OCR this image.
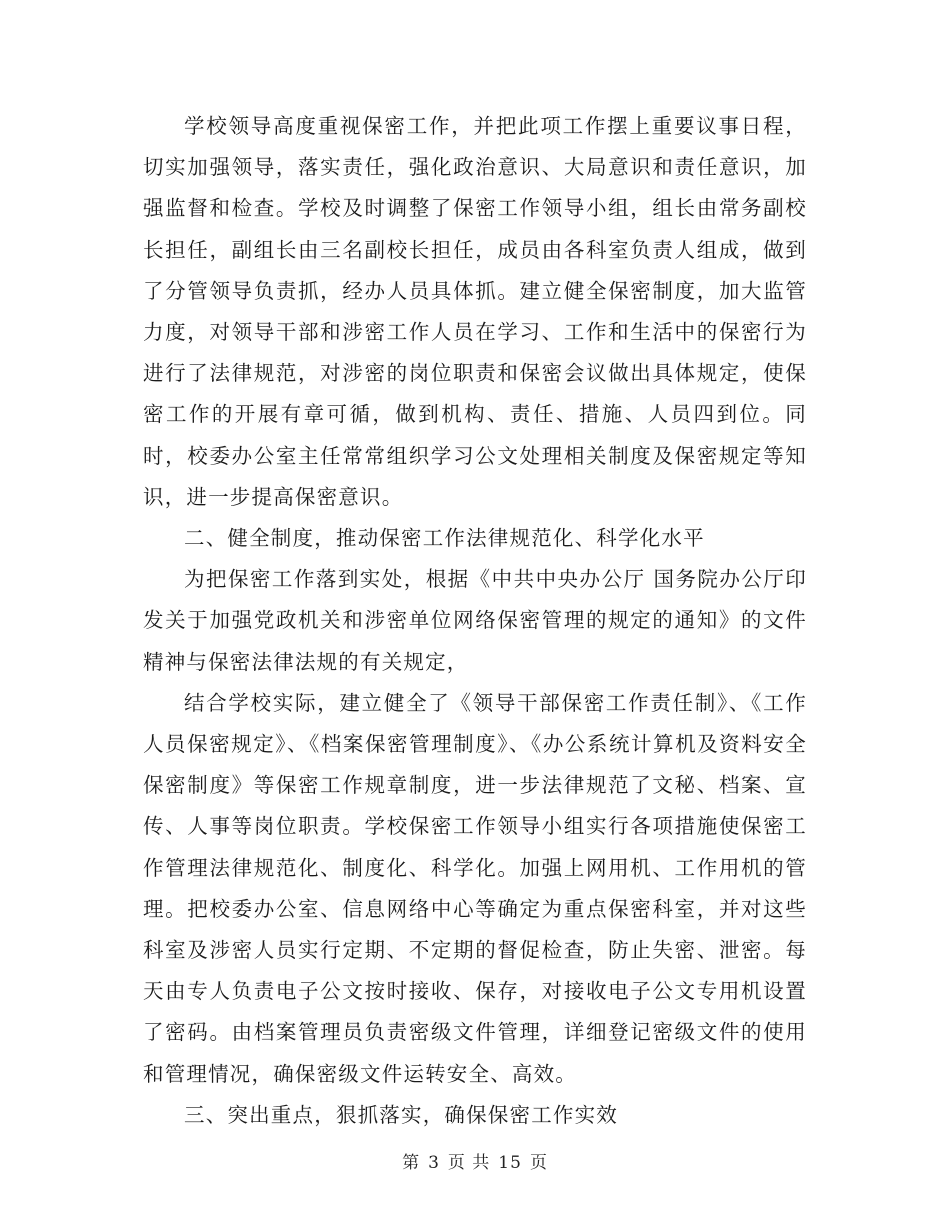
学校领导高度重视保密工作，并把此项工作摆上重要议事日程，切实加强领导，落实责任，强化政治意识、大局意识和责任意识，加强监督和检查。学校及时调整了保密工作领导小组，组长由常务副校长担任，副组长由三名副校长担任，成员由各科室负责人组成，做到了分管领导负责抓，经办人员具体抓。建立健全保密制度，加大监管力度，对领导干部和涉密工作人员在学习、工作和生活中的保密行为进行了法律规范，对涉密的岗位职责和保密会议做出具体规定，使保密工作的开展有章可循，做到机构、责任、措施、人员四到位。同时，校委办公室主任常常组织学习公文处理相关制度及保密规定等知识，进一步提高保密意识。

二、健全制度，推动保密工作法律规范化、科学化水平

为把保密工作落到实处，根据《中共中央办公厅 国务院办公厅印发关于加强党政机关和涉密单位网络保密管理的规定的通知》的文件精神与保密法律法规的有关规定，

结合学校实际，建立健全了《领导干部保密工作责任制》、《工作人员保密规定》、《档案保密管理制度》、《办公系统计算机及资料安全保密制度》等保密工作规章制度，进一步法律规范了文秘、档案、宣传、人事等岗位职责。学校保密工作领导小组实行各项措施使保密工作管理法律规范化、制度化、科学化。加强上网用机、工作用机的管理。把校委办公室、信息网络中心等确定为重点保密科室，并对这些科室及涉密人员实行定期、不定期的督促检查，防止失密、泄密。每天由专人负责电子公文按时接收、保存，对接收电子公文专用机设置了密码。由档案管理员负责密级文件管理，详细登记密级文件的使用和管理情况，确保密级文件运转安全、高效。

三、突出重点，狠抓落实，确保保密工作实效

第 3 页 共 15 页
